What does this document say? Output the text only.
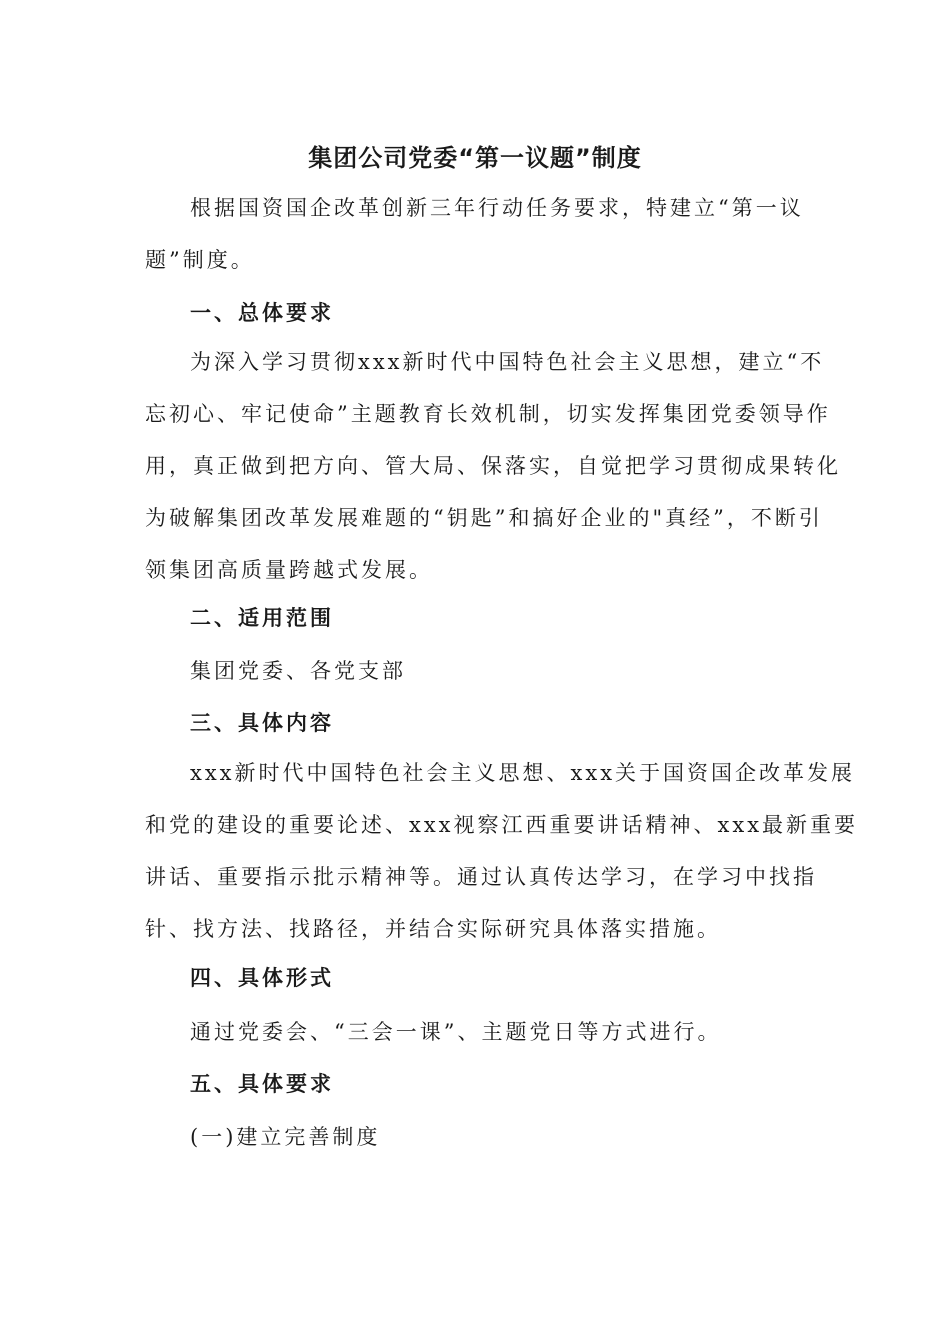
集团公司党委“第一议题”制度
根据国资国企改革创新三年行动任务要求，特建立“第一议
题”制度。
一、总体要求
为深入学习贯彻xxx新时代中国特色社会主义思想，建立“不
忘初心、牢记使命”主题教育长效机制，切实发挥集团党委领导作
用，真正做到把方向、管大局、保落实，自觉把学习贯彻成果转化
为破解集团改革发展难题的“钥匙”和搞好企业的"真经”，不断引
领集团高质量跨越式发展。
二、适用范围
集团党委、各党支部
三、具体内容
xxx新时代中国特色社会主义思想、xxx关于国资国企改革发展
和党的建设的重要论述、xxx视察江西重要讲话精神、xxx最新重要
讲话、重要指示批示精神等。通过认真传达学习，在学习中找指
针、找方法、找路径，并结合实际研究具体落实措施。
四、具体形式
通过党委会、“三会一课”、主题党日等方式进行。
五、具体要求
(一)建立完善制度
